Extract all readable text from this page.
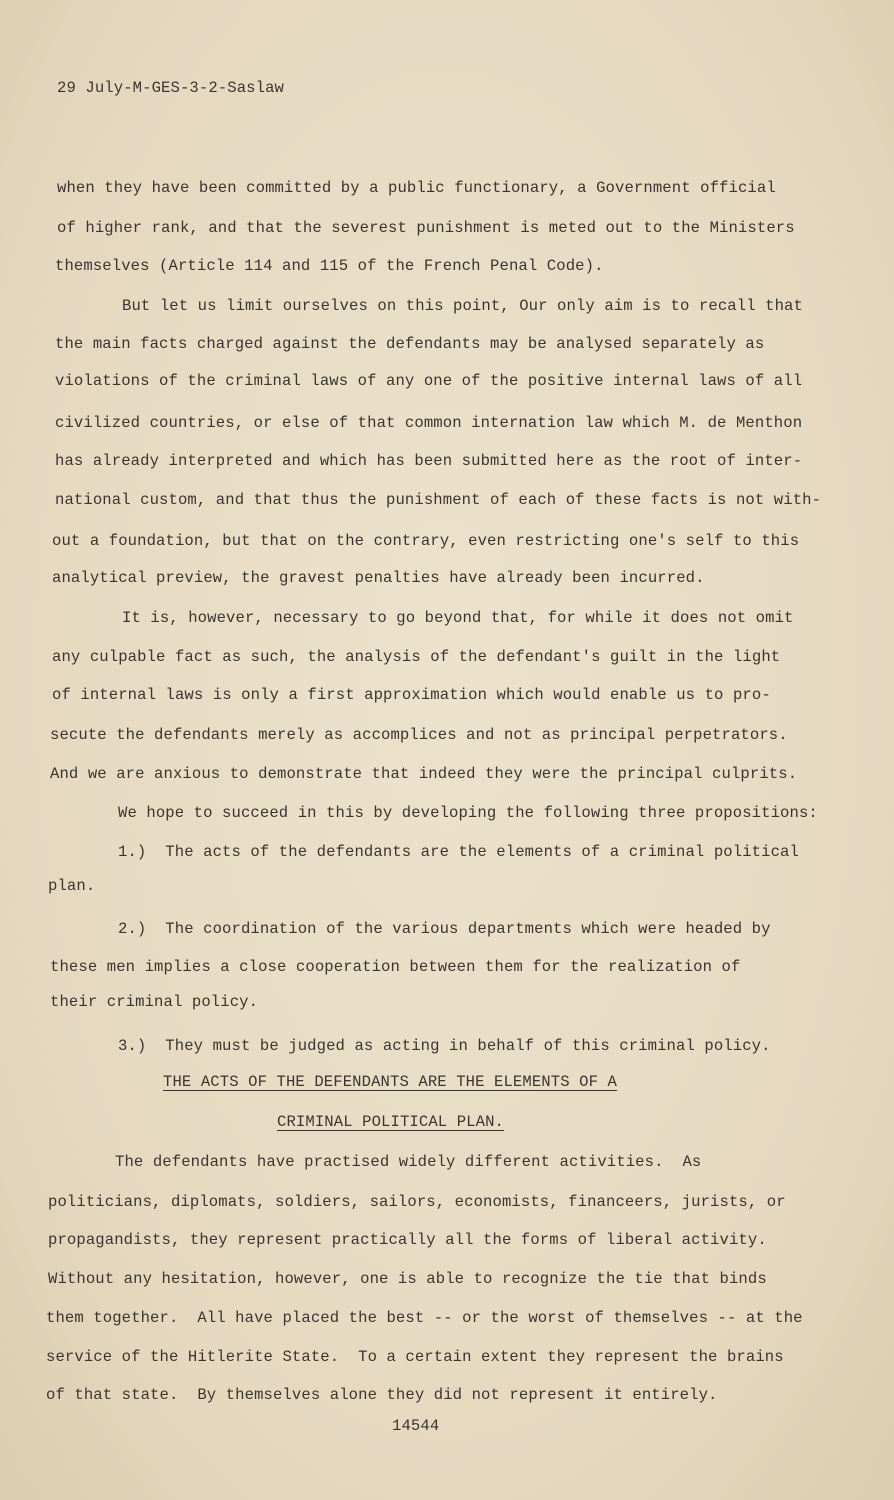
29 July-M-GES-3-2-Saslaw
when they have been committed by a public functionary, a Government official
of higher rank, and that the severest punishment is meted out to the Ministers
themselves (Article 114 and 115 of the French Penal Code).
But let us limit ourselves on this point, Our only aim is to recall that
the main facts charged against the defendants may be analysed separately as
violations of the criminal laws of any one of the positive internal laws of all
civilized countries, or else of that common internation law which M. de Menthon
has already interpreted and which has been submitted here as the root of inter-
national custom, and that thus the punishment of each of these facts is not with-
out a foundation, but that on the contrary, even restricting one's self to this
analytical preview, the gravest penalties have already been incurred.
It is, however, necessary to go beyond that, for while it does not omit
any culpable fact as such, the analysis of the defendant's guilt in the light
of internal laws is only a first approximation which would enable us to pro-
secute the defendants merely as accomplices and not as principal perpetrators.
And we are anxious to demonstrate that indeed they were the principal culprits.
We hope to succeed in this by developing the following three propositions:
1.)  The acts of the defendants are the elements of a criminal political
plan.
2.)  The coordination of the various departments which were headed by
these men implies a close cooperation between them for the realization of
their criminal policy.
3.)  They must be judged as acting in behalf of this criminal policy.
THE ACTS OF THE DEFENDANTS ARE THE ELEMENTS OF A
CRIMINAL POLITICAL PLAN.
The defendants have practised widely different activities.  As
politicians, diplomats, soldiers, sailors, economists, financeers, jurists, or
propagandists, they represent practically all the forms of liberal activity.
Without any hesitation, however, one is able to recognize the tie that binds
them together.  All have placed the best -- or the worst of themselves -- at the
service of the Hitlerite State.  To a certain extent they represent the brains
of that state.  By themselves alone they did not represent it entirely.
14544
